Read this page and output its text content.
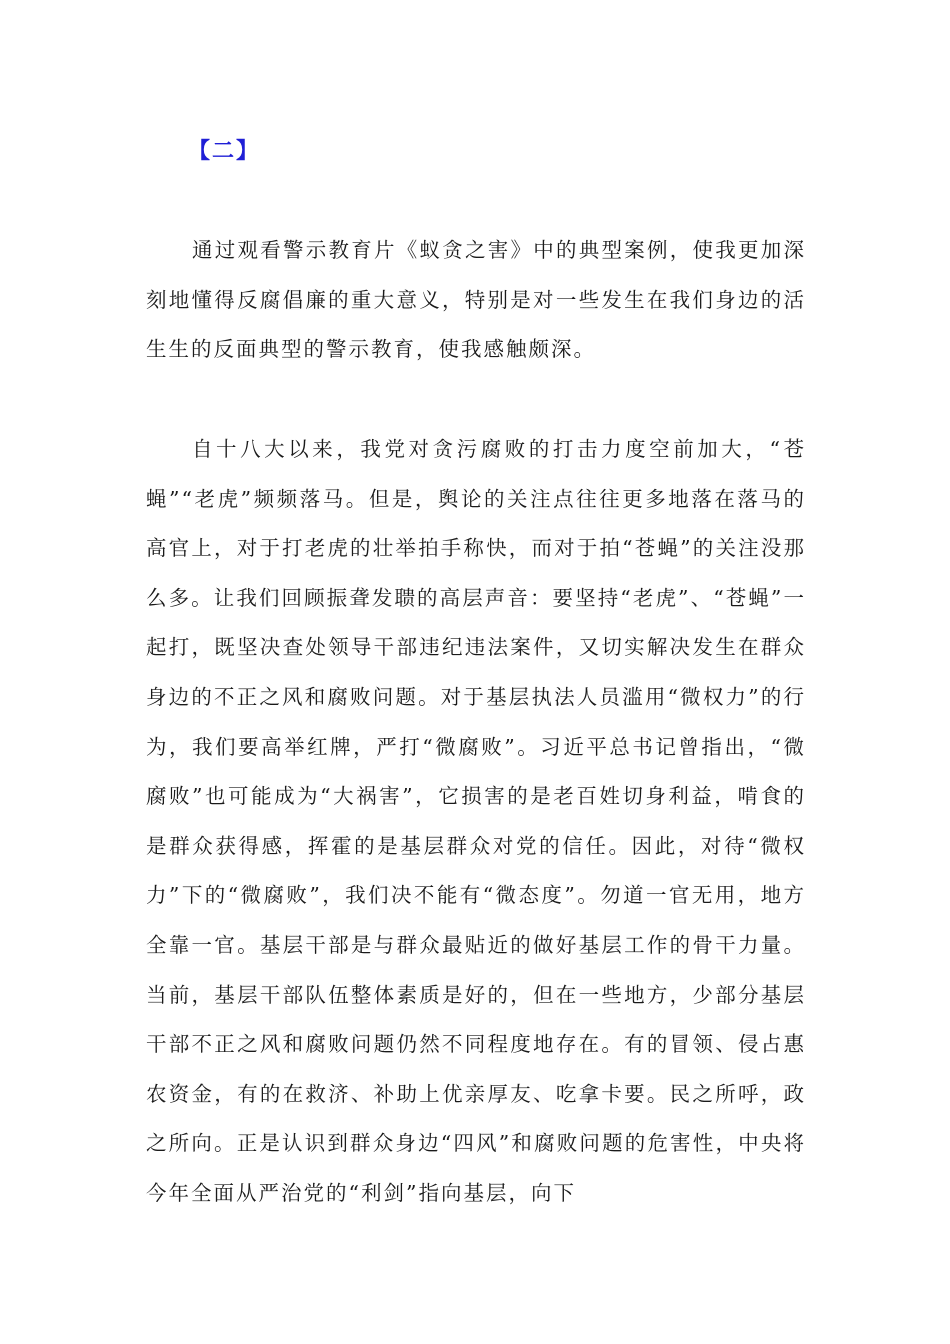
【二】

通过观看警示教育片《蚁贪之害》中的典型案例，使我更加深刻地懂得反腐倡廉的重大意义，特别是对一些发生在我们身边的活生生的反面典型的警示教育，使我感触颇深。

自十八大以来，我党对贪污腐败的打击力度空前加大，“苍蝇”“老虎”频频落马。但是，舆论的关注点往往更多地落在落马的高官上，对于打老虎的壮举拍手称快，而对于拍“苍蝇”的关注没那么多。让我们回顾振聋发聩的高层声音：要坚持“老虎”、“苍蝇”一起打，既坚决查处领导干部违纪违法案件，又切实解决发生在群众身边的不正之风和腐败问题。对于基层执法人员滥用“微权力”的行为，我们要高举红牌，严打“微腐败”。习近平总书记曾指出，“微腐败”也可能成为“大祸害”，它损害的是老百姓切身利益，啃食的是群众获得感，挥霍的是基层群众对党的信任。因此，对待“微权力”下的“微腐败”，我们决不能有“微态度”。勿道一官无用，地方全靠一官。基层干部是与群众最贴近的做好基层工作的骨干力量。当前，基层干部队伍整体素质是好的，但在一些地方，少部分基层干部不正之风和腐败问题仍然不同程度地存在。有的冒领、侵占惠农资金，有的在救济、补助上优亲厚友、吃拿卡要。民之所呼，政之所向。正是认识到群众身边“四风”和腐败问题的危害性，中央将今年全面从严治党的“利剑”指向基层，向下
